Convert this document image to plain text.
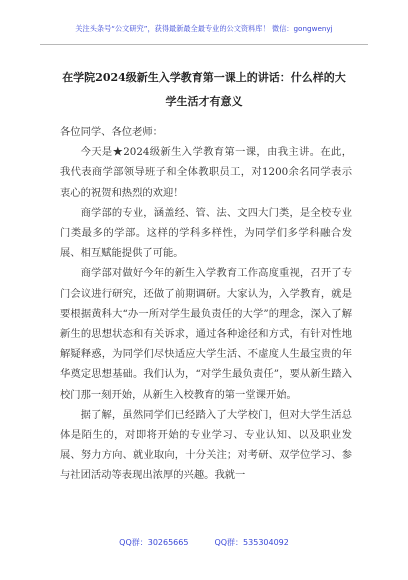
关注头条号“公文研究”，获得最新最全最专业的公文资料库！ 微信：gongwenyj
在学院2024级新生入学教育第一课上的讲话：什么样的大学生活才有意义

各位同学、各位老师：

今天是★2024级新生入学教育第一课，由我主讲。在此，我代表商学部领导班子和全体教职员工，对1200余名同学表示衷心的祝贺和热烈的欢迎！

商学部的专业，涵盖经、管、法、文四大门类，是全校专业门类最多的学部。这样的学科多样性，为同学们多学科融合发展、相互赋能提供了可能。

商学部对做好今年的新生入学教育工作高度重视，召开了专门会议进行研究，还做了前期调研。大家认为，入学教育，就是要根据黄科大“办一所对学生最负责任的大学”的理念，深入了解新生的思想状态和有关诉求，通过各种途径和方式，有针对性地解疑释惑，为同学们尽快适应大学生活、不虚度人生最宝贵的年华奠定思想基础。我们认为，“对学生最负责任”，要从新生踏入校门那一刻开始，从新生入校教育的第一堂课开始。

据了解，虽然同学们已经踏入了大学校门，但对大学生活总体是陌生的，对即将开始的专业学习、专业认知、以及职业发展、努力方向、就业取向，十分关注；对考研、双学位学习、参与社团活动等表现出浓厚的兴趣。我就一

QQ群：30265665	QQ群：535304092
